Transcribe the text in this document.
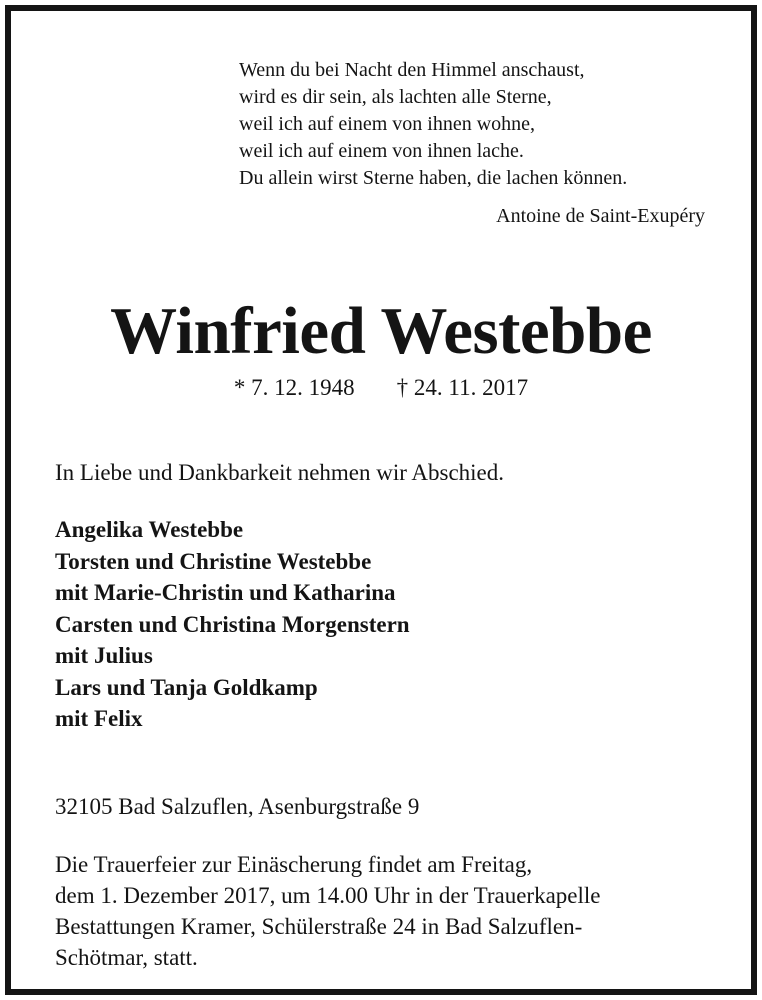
Wenn du bei Nacht den Himmel anschaust,
wird es dir sein, als lachten alle Sterne,
weil ich auf einem von ihnen wohne,
weil ich auf einem von ihnen lache.
Du allein wirst Sterne haben, die lachen können.
Antoine de Saint-Exupéry
Winfried Westebbe
* 7. 12. 1948 † 24. 11. 2017
In Liebe und Dankbarkeit nehmen wir Abschied.
Angelika Westebbe
Torsten und Christine Westebbe
mit Marie-Christin und Katharina
Carsten und Christina Morgenstern
mit Julius
Lars und Tanja Goldkamp
mit Felix
32105 Bad Salzuflen, Asenburgstraße 9
Die Trauerfeier zur Einäscherung findet am Freitag,
dem 1. Dezember 2017, um 14.00 Uhr in der Trauerkapelle
Bestattungen Kramer, Schülerstraße 24 in Bad Salzuflen-
Schötmar, statt.
